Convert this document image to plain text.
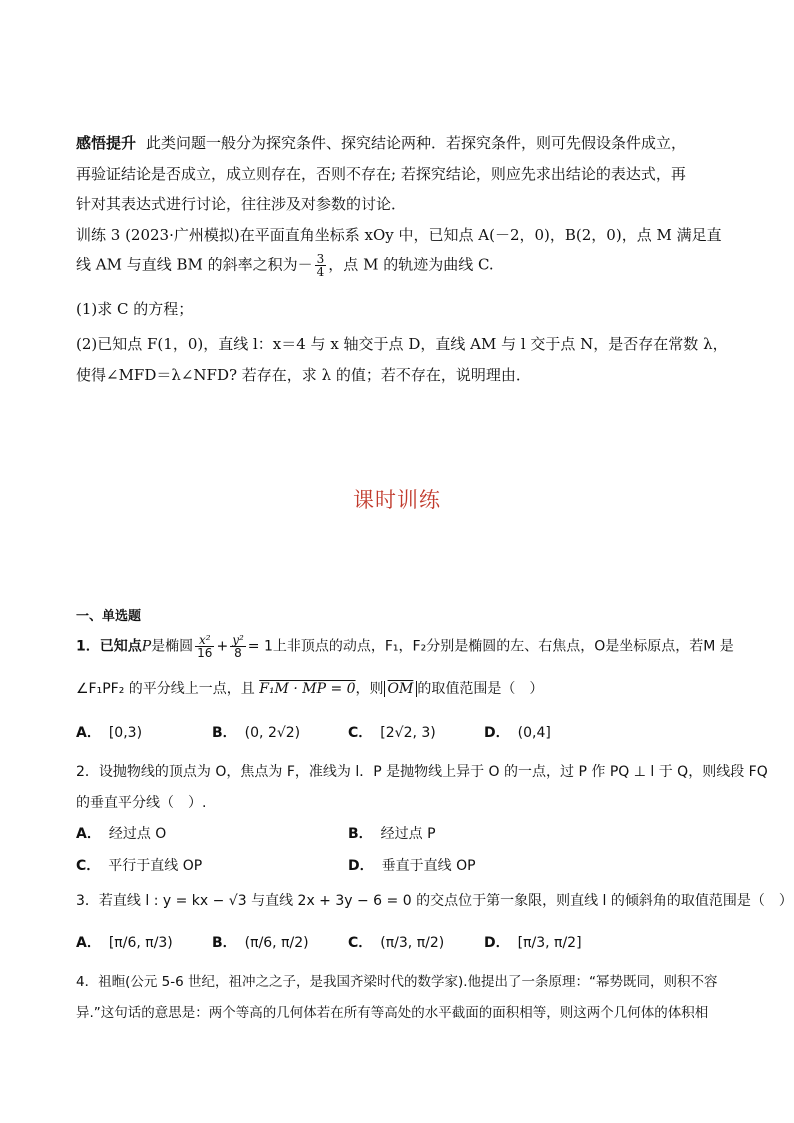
感悟提升 此类问题一般分为探究条件、探究结论两种．若探究条件，则可先假设条件成立，
再验证结论是否成立，成立则存在，否则不存在; 若探究结论，则应先求出结论的表达式，再
针对其表达式进行讨论，往往涉及对参数的讨论．
训练 3 (2023·广州模拟)在平面直角坐标系 xOy 中，已知点 A(－2，0)，B(2，0)，点 M 满足直
线 AM 与直线 BM 的斜率之积为－ $\frac{3}{4}$ ，点 M 的轨迹为曲线 C.
(1)求 C 的方程；
(2)已知点 F(1，0)，直线 l：x＝4 与 x 轴交于点 D，直线 AM 与 l 交于点 N，是否存在常数 λ，
使得∠MFD＝λ∠NFD? 若存在，求 λ 的值；若不存在，说明理由．
课时训练
一、单选题
1．已知点P是椭圆 $\frac{\text{x²}}{16} + \frac{\text{y²}}{8} = 1$上非顶点的动点，F₁，F₂分别是椭圆的左、右焦点，O是坐标原点，若M 是
∠F₁PF₂ 的平分线上一点，且 F₁M · MP = 0，则 $\overline{OM}$ 的取值范围是（　）
A． [0,3)	B． (0, 2√2)	C． [2√2, 3)	D． (0,4]
2．设抛物线的顶点为 O，焦点为 F，准线为 l．P 是抛物线上异于 O 的一点，过 P 作 PQ ⊥ l 于 Q，则线段 FQ
的垂直平分线（　）.
A． 经过点 O	B． 经过点 P
C． 平行于直线 OP	D． 垂直于直线 OP
3．若直线 l : y = kx − √3 与直线 2x + 3y − 6 = 0 的交点位于第一象限，则直线 l 的倾斜角的取值范围是（　）
A． [π/6, π/3)	B． (π/6, π/2)	C． (π/3, π/2)	D． [π/3, π/2]
4．祖暅(公元 5-6 世纪，祖冲之之子，是我国齐梁时代的数学家).他提出了一条原理：“幂势既同，则积不容
异.”这句话的意思是：两个等高的几何体若在所有等高处的水平截面的面积相等，则这两个几何体的体积相
